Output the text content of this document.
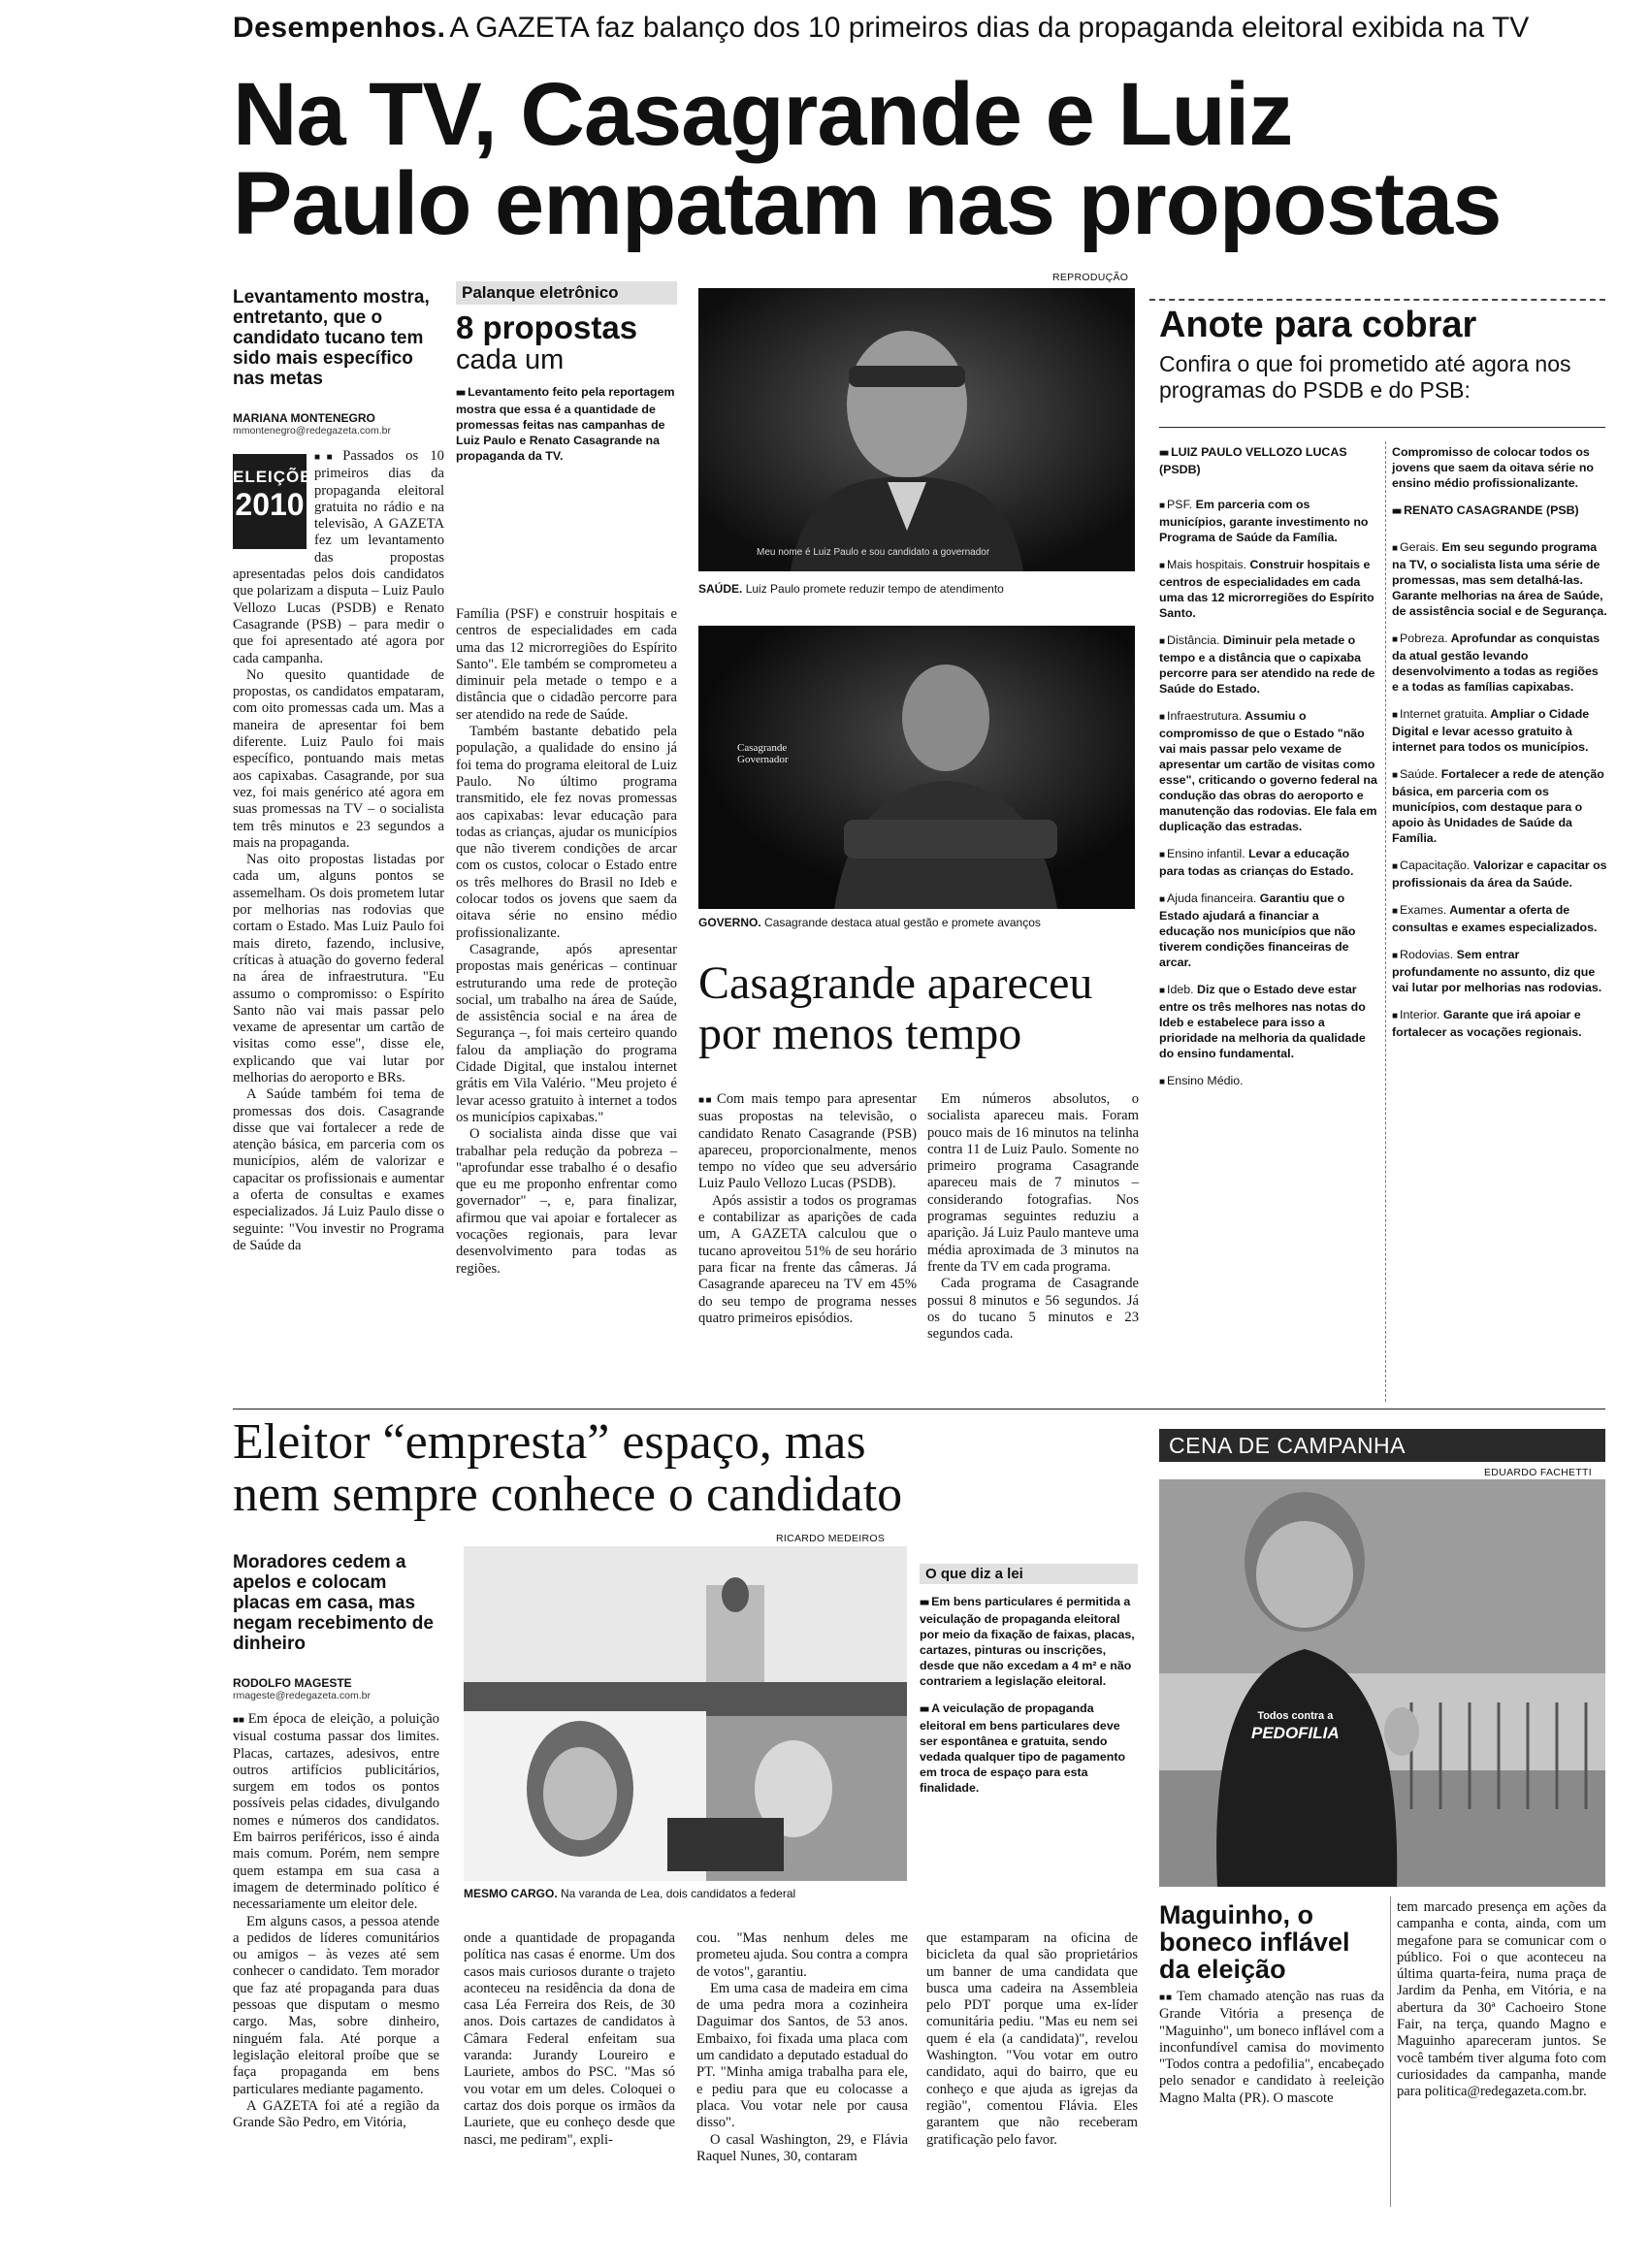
Desempenhos. A GAZETA faz balanço dos 10 primeiros dias da propaganda eleitoral exibida na TV
Na TV, Casagrande e Luiz
Paulo empatam nas propostas
Levantamento mostra, entretanto, que o candidato tucano tem sido mais específico nas metas
MARIANA MONTENEGRO
mmontenegro@redegazeta.com.br
ELEIÇÕES
2010

■■ Passados os 10 primeiros dias da propaganda eleitoral gratuita no rádio e na televisão, A GAZETA fez um levantamento das propostas apresentadas pelos dois candidatos que polarizam a disputa – Luiz Paulo Vellozo Lucas (PSDB) e Renato Casagrande (PSB) – para medir o que foi apresentado até agora por cada campanha.

No quesito quantidade de propostas, os candidatos empataram, com oito promessas cada um. Mas a maneira de apresentar foi bem diferente. Luiz Paulo foi mais específico, pontuando mais metas aos capixabas. Casagrande, por sua vez, foi mais genérico até agora em suas promessas na TV – o socialista tem três minutos e 23 segundos a mais na propaganda.

Nas oito propostas listadas por cada um, alguns pontos se assemelham. Os dois prometem lutar por melhorias nas rodovias que cortam o Estado. Mas Luiz Paulo foi mais direto, fazendo, inclusive, críticas à atuação do governo federal na área de infraestrutura. "Eu assumo o compromisso: o Espírito Santo não vai mais passar pelo vexame de apresentar um cartão de visitas como esse", disse ele, explicando que vai lutar por melhorias do aeroporto e BRs.

A Saúde também foi tema de promessas dos dois. Casagrande disse que vai fortalecer a rede de atenção básica, em parceria com os municípios, além de valorizar e capacitar os profissionais e aumentar a oferta de consultas e exames especializados. Já Luiz Paulo disse o seguinte: "Vou investir no Programa de Saúde da

Palanque eletrônico
8 propostas
cada um
■■ Levantamento feito pela reportagem mostra que essa é a quantidade de promessas feitas nas campanhas de Luiz Paulo e Renato Casagrande na propaganda da TV.

Família (PSF) e construir hospitais e centros de especialidades em cada uma das 12 microrregiões do Espírito Santo". Ele também se comprometeu a diminuir pela metade o tempo e a distância que o cidadão percorre para ser atendido na rede de Saúde.

Também bastante debatido pela população, a qualidade do ensino já foi tema do programa eleitoral de Luiz Paulo. No último programa transmitido, ele fez novas promessas aos capixabas: levar educação para todas as crianças, ajudar os municípios que não tiverem condições de arcar com os custos, colocar o Estado entre os três melhores do Brasil no Ideb e colocar todos os jovens que saem da oitava série no ensino médio profissionalizante.

Casagrande, após apresentar propostas mais genéricas – continuar estruturando uma rede de proteção social, um trabalho na área de Saúde, de assistência social e na área de Segurança –, foi mais certeiro quando falou da ampliação do programa Cidade Digital, que instalou internet grátis em Vila Valério. "Meu projeto é levar acesso gratuito à internet a todos os municípios capixabas."

O socialista ainda disse que vai trabalhar pela redução da pobreza – "aprofundar esse trabalho é o desafio que eu me proponho enfrentar como governador" –, e, para finalizar, afirmou que vai apoiar e fortalecer as vocações regionais, para levar desenvolvimento para todas as regiões.

REPRODUÇÃO
Meu nome é Luiz Paulo e sou candidato a governador
SAÚDE. Luiz Paulo promete reduzir tempo de atendimento
Casagrande
Governador
GOVERNO. Casagrande destaca atual gestão e promete avanços
Casagrande apareceu
por menos tempo

■■ Com mais tempo para apresentar suas propostas na televisão, o candidato Renato Casagrande (PSB) apareceu, proporcionalmente, menos tempo no vídeo que seu adversário Luiz Paulo Vellozo Lucas (PSDB).

Após assistir a todos os programas e contabilizar as aparições de cada um, A GAZETA calculou que o tucano aproveitou 51% de seu horário para ficar na frente das câmeras. Já Casagrande apareceu na TV em 45% do seu tempo de programa nesses quatro primeiros episódios.

Em números absolutos, o socialista apareceu mais. Foram pouco mais de 16 minutos na telinha contra 11 de Luiz Paulo. Somente no primeiro programa Casagrande apareceu mais de 7 minutos – considerando fotografias. Nos programas seguintes reduziu a aparição. Já Luiz Paulo manteve uma média aproximada de 3 minutos na frente da TV em cada programa.

Cada programa de Casagrande possui 8 minutos e 56 segundos. Já os do tucano 5 minutos e 23 segundos cada.

Anote para cobrar
Confira o que foi prometido até agora nos programas do PSDB e do PSB:
■■ LUIZ PAULO VELLOZO LUCAS (PSDB)
■ PSF. Em parceria com os municípios, garante investimento no Programa de Saúde da Família.
■ Mais hospitais. Construir hospitais e centros de especialidades em cada uma das 12 microrregiões do Espírito Santo.
■ Distância. Diminuir pela metade o tempo e a distância que o capixaba percorre para ser atendido na rede de Saúde do Estado.
■ Infraestrutura. Assumiu o compromisso de que o Estado "não vai mais passar pelo vexame de apresentar um cartão de visitas como esse", criticando o governo federal na condução das obras do aeroporto e manutenção das rodovias. Ele fala em duplicação das estradas.
■ Ensino infantil. Levar a educação para todas as crianças do Estado.
■ Ajuda financeira. Garantiu que o Estado ajudará a financiar a educação nos municípios que não tiverem condições financeiras de arcar.
■ Ideb. Diz que o Estado deve estar entre os três melhores nas notas do Ideb e estabelece para isso a prioridade na melhoria da qualidade do ensino fundamental.
■ Ensino Médio.
Compromisso de colocar todos os jovens que saem da oitava série no ensino médio profissionalizante.
■■ RENATO CASAGRANDE (PSB)
■ Gerais. Em seu segundo programa na TV, o socialista lista uma série de promessas, mas sem detalhá-las. Garante melhorias na área de Saúde, de assistência social e de Segurança.
■ Pobreza. Aprofundar as conquistas da atual gestão levando desenvolvimento a todas as regiões e a todas as famílias capixabas.
■ Internet gratuita. Ampliar o Cidade Digital e levar acesso gratuito à internet para todos os municípios.
■ Saúde. Fortalecer a rede de atenção básica, em parceria com os municípios, com destaque para o apoio às Unidades de Saúde da Família.
■ Capacitação. Valorizar e capacitar os profissionais da área da Saúde.
■ Exames. Aumentar a oferta de consultas e exames especializados.
■ Rodovias. Sem entrar profundamente no assunto, diz que vai lutar por melhorias nas rodovias.
■ Interior. Garante que irá apoiar e fortalecer as vocações regionais.
Eleitor “empresta” espaço, mas
nem sempre conhece o candidato
Moradores cedem a apelos e colocam placas em casa, mas negam recebimento de dinheiro
RODOLFO MAGESTE
rmageste@redegazeta.com.br

■■ Em época de eleição, a poluição visual costuma passar dos limites. Placas, cartazes, adesivos, entre outros artifícios publicitários, surgem em todos os pontos possíveis pelas cidades, divulgando nomes e números dos candidatos. Em bairros periféricos, isso é ainda mais comum. Porém, nem sempre quem estampa em sua casa a imagem de determinado político é necessariamente um eleitor dele.

Em alguns casos, a pessoa atende a pedidos de líderes comunitários ou amigos – às vezes até sem conhecer o candidato. Tem morador que faz até propaganda para duas pessoas que disputam o mesmo cargo. Mas, sobre dinheiro, ninguém fala. Até porque a legislação eleitoral proíbe que se faça propaganda em bens particulares mediante pagamento.

A GAZETA foi até a região da Grande São Pedro, em Vitória,

RICARDO MEDEIROS
MESMO CARGO. Na varanda de Lea, dois candidatos a federal
O que diz a lei
■■ Em bens particulares é permitida a veiculação de propaganda eleitoral por meio da fixação de faixas, placas, cartazes, pinturas ou inscrições, desde que não excedam a 4 m² e não contrariem a legislação eleitoral.
■■ A veiculação de propaganda eleitoral em bens particulares deve ser espontânea e gratuita, sendo vedada qualquer tipo de pagamento em troca de espaço para esta finalidade.

onde a quantidade de propaganda política nas casas é enorme. Um dos casos mais curiosos durante o trajeto aconteceu na residência da dona de casa Léa Ferreira dos Reis, de 30 anos. Dois cartazes de candidatos à Câmara Federal enfeitam sua varanda: Jurandy Loureiro e Lauriete, ambos do PSC. "Mas só vou votar em um deles. Coloquei o cartaz dos dois porque os irmãos da Lauriete, que eu conheço desde que nasci, me pediram", expli-

cou. "Mas nenhum deles me prometeu ajuda. Sou contra a compra de votos", garantiu.

Em uma casa de madeira em cima de uma pedra mora a cozinheira Daguimar dos Santos, de 53 anos. Embaixo, foi fixada uma placa com um candidato a deputado estadual do PT. "Minha amiga trabalha para ele, e pediu para que eu colocasse a placa. Vou votar nele por causa disso".

O casal Washington, 29, e Flávia Raquel Nunes, 30, contaram

que estamparam na oficina de bicicleta da qual são proprietários um banner de uma candidata que busca uma cadeira na Assembleia pelo PDT porque uma ex-líder comunitária pediu. "Mas eu nem sei quem é ela (a candidata)", revelou Washington. "Vou votar em outro candidato, aqui do bairro, que eu conheço e que ajuda as igrejas da região", comentou Flávia. Eles garantem que não receberam gratificação pelo favor.

CENA DE CAMPANHA
EDUARDO FACHETTI
Todos contra a
PEDOFILIA
Maguinho, o boneco inflável da eleição

■■ Tem chamado atenção nas ruas da Grande Vitória a presença de "Maguinho", um boneco inflável com a inconfundível camisa do movimento "Todos contra a pedofilia", encabeçado pelo senador e candidato à reeleição Magno Malta (PR). O mascote

tem marcado presença em ações da campanha e conta, ainda, com um megafone para se comunicar com o público. Foi o que aconteceu na última quarta-feira, numa praça de Jardim da Penha, em Vitória, e na abertura da 30ª Cachoeiro Stone Fair, na terça, quando Magno e Maguinho apareceram juntos. Se você também tiver alguma foto com curiosidades da campanha, mande para politica@redegazeta.com.br.
